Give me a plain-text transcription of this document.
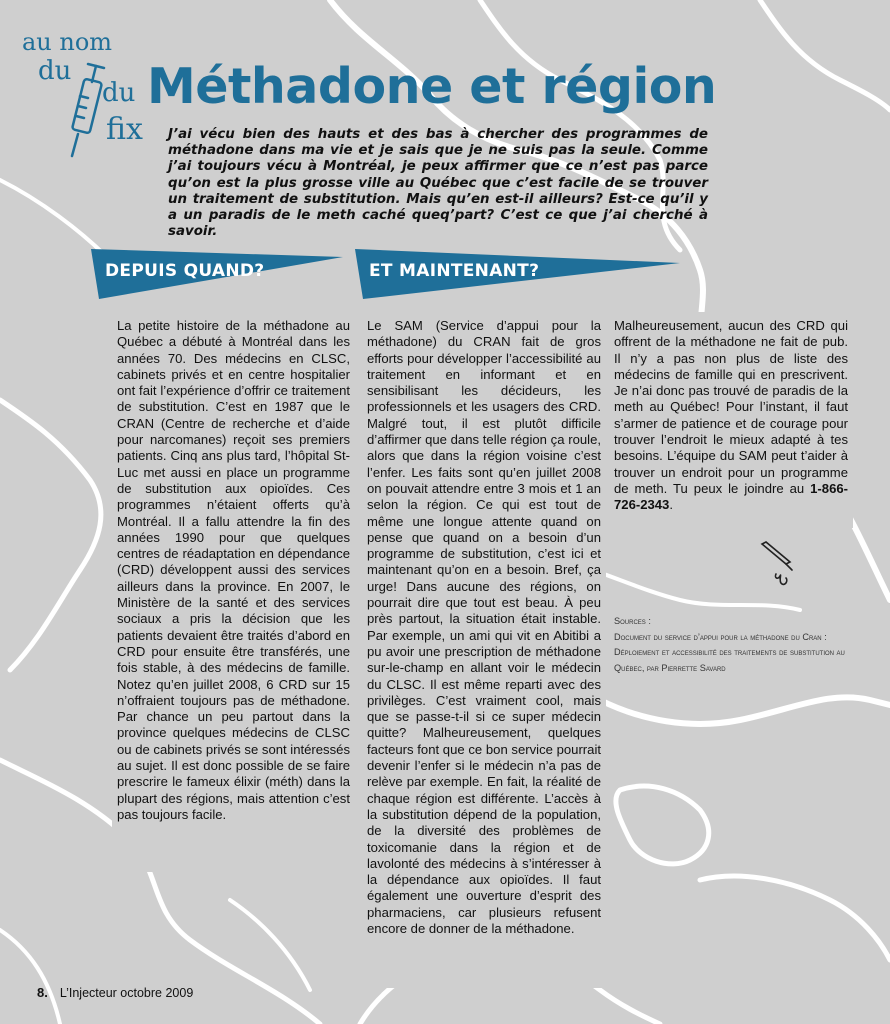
au nom
du
du
fix
Méthadone et région
J’ai vécu bien des hauts et des bas à chercher des programmes de méthadone dans ma vie et je sais que je ne suis pas la seule. Comme j’ai toujours vécu à Montréal, je peux affirmer que ce n’est pas parce qu’on est la plus grosse ville au Québec que c’est facile de se trouver un traitement de substitution. Mais qu’en est-il ailleurs? Est-ce qu’il y a un paradis de le meth caché queq’part? C’est ce que j’ai cherché à savoir.
DEPUIS QUAND?	ET MAINTENANT?
La petite histoire de la méthadone au Québec a débuté à Montréal dans les années 70. Des médecins en CLSC, cabinets privés et en centre hospitalier ont fait l’expérience d’offrir ce traitement de substitution. C’est en 1987 que le CRAN (Centre de recherche et d’aide pour narcomanes) reçoit ses premiers patients. Cinq ans plus tard, l’hôpital St-Luc met aussi en place un programme de substitution aux opioïdes. Ces programmes n’étaient offerts qu’à Montréal. Il a fallu attendre la fin des années 1990 pour que quelques centres de réadaptation en dépendance (CRD) développent aussi des services ailleurs dans la province. En 2007, le Ministère de la santé et des services sociaux a pris la décision que les patients devaient être traités d’abord en CRD pour ensuite être transférés, une fois stable, à des médecins de famille. Notez qu’en juillet 2008, 6 CRD sur 15 n’offraient toujours pas de méthadone. Par chance un peu partout dans la province quelques médecins de CLSC ou de cabinets privés se sont intéressés au sujet. Il est donc possible de se faire prescrire le fameux élixir (méth) dans la plupart des régions, mais attention c’est pas toujours facile.
Le SAM (Service d’appui pour la méthadone) du CRAN fait de gros efforts pour développer l’accessibilité au traitement en informant et en sensibilisant les décideurs, les professionnels et les usagers des CRD. Malgré tout, il est plutôt difficile d’affirmer que dans telle région ça roule, alors que dans la région voisine c’est l’enfer. Les faits sont qu’en juillet 2008 on pouvait attendre entre 3 mois et 1 an selon la région. Ce qui est tout de même une longue attente quand on pense que quand on a besoin d’un programme de substitution, c’est ici et maintenant qu’on en a besoin. Bref, ça urge! Dans aucune des régions, on pourrait dire que tout est beau. À peu près partout, la situation était instable. Par exemple, un ami qui vit en Abitibi a pu avoir une prescription de méthadone sur-le-champ en allant voir le médecin du CLSC. Il est même reparti avec des privilèges. C’est vraiment cool, mais que se passe-t-il si ce super médecin quitte? Malheureusement, quelques facteurs font que ce bon service pourrait devenir l’enfer si le médecin n’a pas de relève par exemple. En fait, la réalité de chaque région est différente. L’accès à la substitution dépend de la population, de la diversité des problèmes de toxicomanie dans la région et de lavolonté des médecins à s’intéresser à la dépendance aux opioïdes. Il faut également une ouverture d’esprit des pharmaciens, car plusieurs refusent encore de donner de la méthadone.
Malheureusement, aucun des CRD qui offrent de la méthadone ne fait de pub. Il n’y a pas non plus de liste des médecins de famille qui en prescrivent. Je n’ai donc pas trouvé de paradis de la meth au Québec! Pour l’instant, il faut s’armer de patience et de courage pour trouver l’endroit le mieux adapté à tes besoins. L’équipe du SAM peut t’aider à trouver un endroit pour un programme de meth. Tu peux le joindre au 1-866-726-2343.
Sources :
Document du service d’appui pour la méthadone du Cran : Déploiement et accessibilité des traitements de substitution au Québec, par Pierrette Savard
8. L’Injecteur octobre 2009
